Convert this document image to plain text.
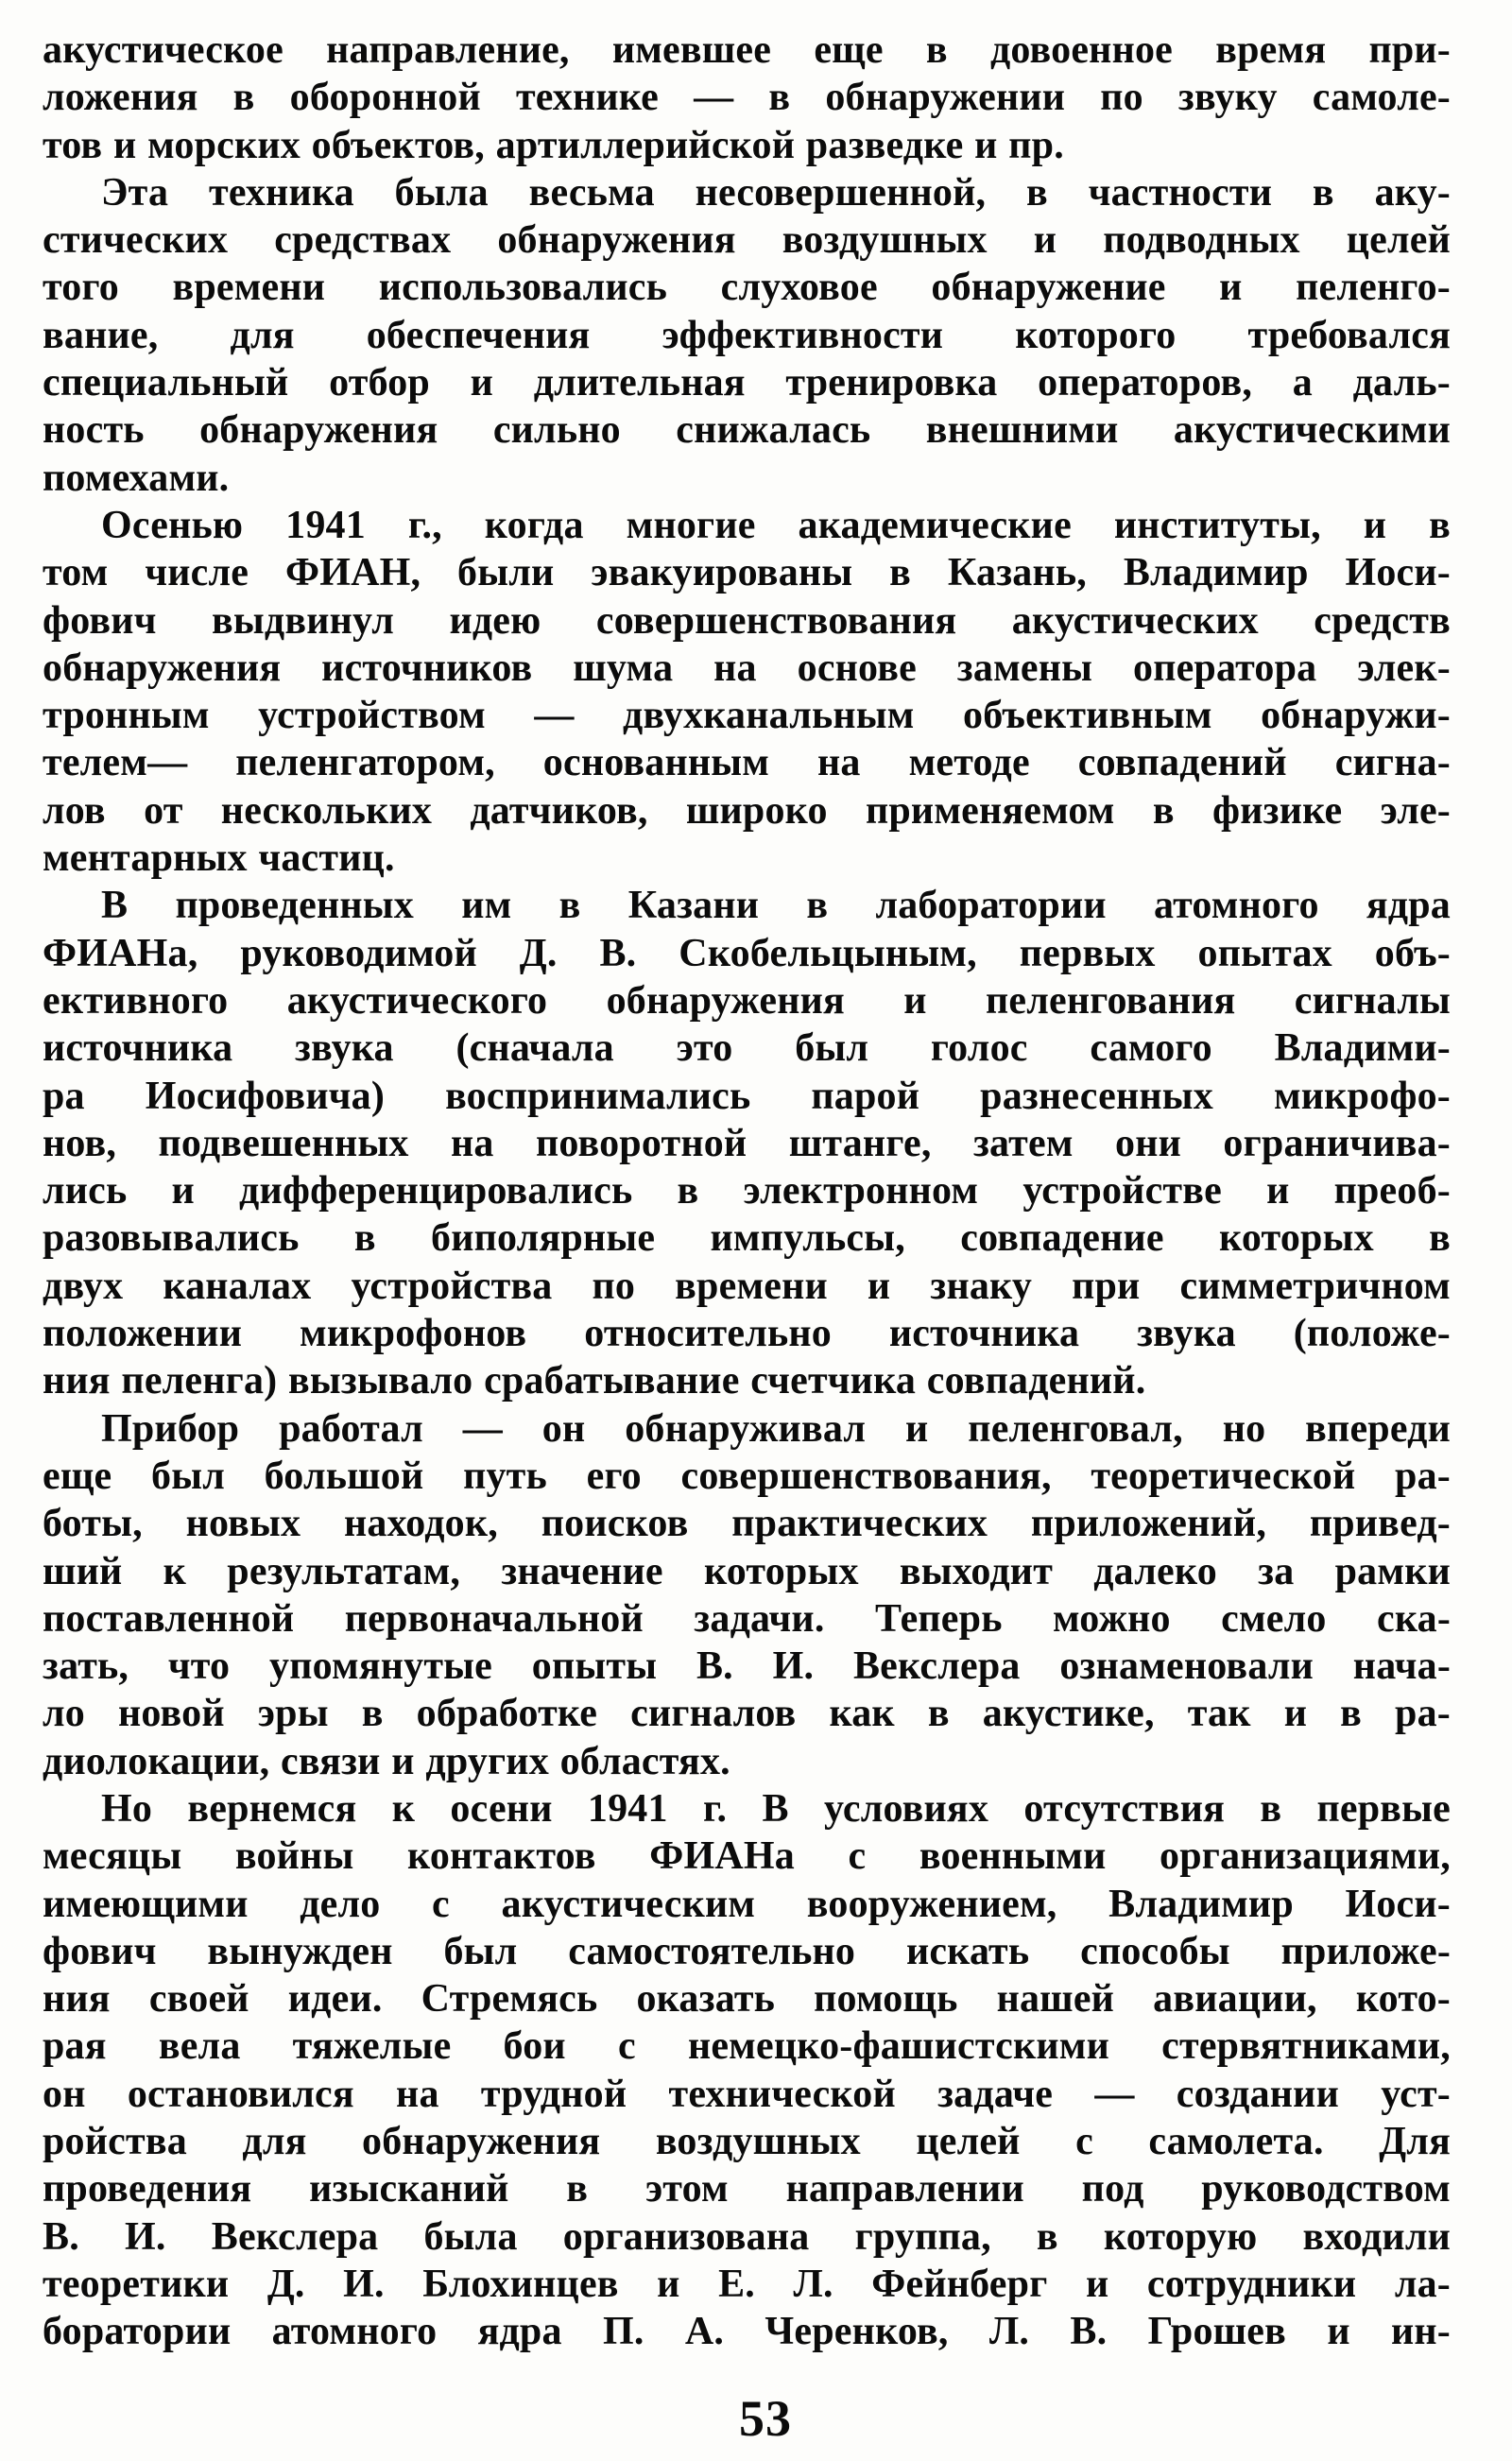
акустическое направление, имевшее еще в довоенное время при-
ложения в оборонной технике — в обнаружении по звуку самоле-
тов и морских объектов, артиллерийской разведке и пр.
Эта техника была весьма несовершенной, в частности в аку-
стических средствах обнаружения воздушных и подводных целей
того времени использовались слуховое обнаружение и пеленго-
вание, для обеспечения эффективности которого требовался
специальный отбор и длительная тренировка операторов, а даль-
ность обнаружения сильно снижалась внешними акустическими
помехами.
Осенью 1941 г., когда многие академические институты, и в
том числе ФИАН, были эвакуированы в Казань, Владимир Иоси-
фович выдвинул идею совершенствования акустических средств
обнаружения источников шума на основе замены оператора элек-
тронным устройством — двухканальным объективным обнаружи-
телем— пеленгатором, основанным на методе совпадений сигна-
лов от нескольких датчиков, широко применяемом в физике эле-
ментарных частиц.
В проведенных им в Казани в лаборатории атомного ядра
ФИАНа, руководимой Д. В. Скобельцыным, первых опытах объ-
ективного акустического обнаружения и пеленгования сигналы
источника звука (сначала это был голос самого Владими-
ра Иосифовича) воспринимались парой разнесенных микрофо-
нов, подвешенных на поворотной штанге, затем они ограничива-
лись и дифференцировались в электронном устройстве и преоб-
разовывались в биполярные импульсы, совпадение которых в
двух каналах устройства по времени и знаку при симметричном
положении микрофонов относительно источника звука (положе-
ния пеленга) вызывало срабатывание счетчика совпадений.
Прибор работал — он обнаруживал и пеленговал, но впереди
еще был большой путь его совершенствования, теоретической ра-
боты, новых находок, поисков практических приложений, привед-
ший к результатам, значение которых выходит далеко за рамки
поставленной первоначальной задачи. Теперь можно смело ска-
зать, что упомянутые опыты В. И. Векслера ознаменовали нача-
ло новой эры в обработке сигналов как в акустике, так и в ра-
диолокации, связи и других областях.
Но вернемся к осени 1941 г. В условиях отсутствия в первые
месяцы войны контактов ФИАНа с военными организациями,
имеющими дело с акустическим вооружением, Владимир Иоси-
фович вынужден был самостоятельно искать способы приложе-
ния своей идеи. Стремясь оказать помощь нашей авиации, кото-
рая вела тяжелые бои с немецко-фашистскими стервятниками,
он остановился на трудной технической задаче — создании уст-
ройства для обнаружения воздушных целей с самолета. Для
проведения изысканий в этом направлении под руководством
В. И. Векслера была организована группа, в которую входили
теоретики Д. И. Блохинцев и Е. Л. Фейнберг и сотрудники ла-
боратории атомного ядра П. А. Черенков, Л. В. Грошев и ин-
53
